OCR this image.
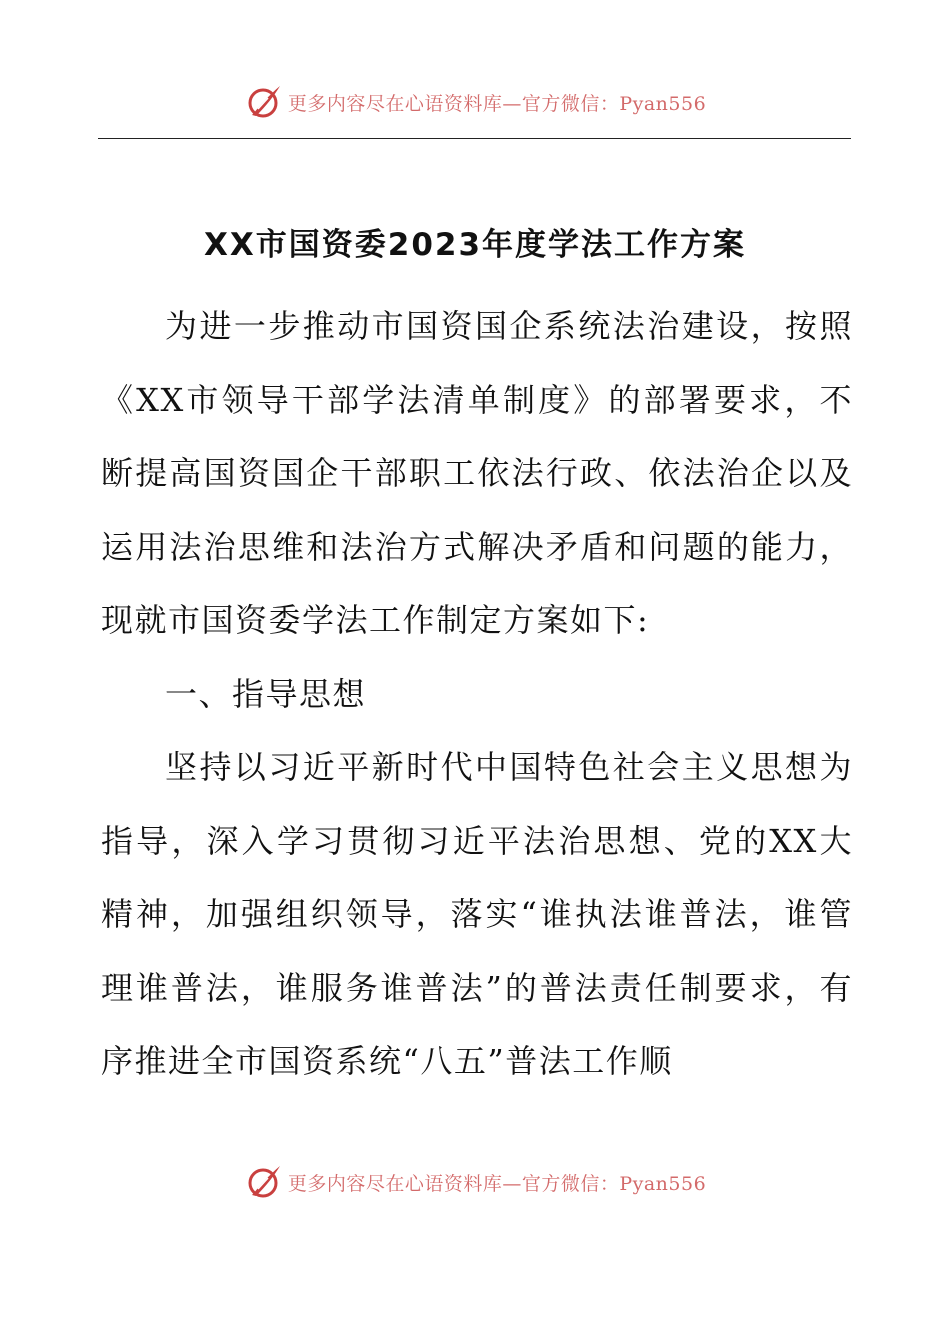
更多内容尽在心语资料库—官方微信：Pyan556
XX市国资委2023年度学法工作方案

为进一步推动市国资国企系统法治建设，按照《XX市领导干部学法清单制度》的部署要求，不断提高国资国企干部职工依法行政、依法治企以及运用法治思维和法治方式解决矛盾和问题的能力，现就市国资委学法工作制定方案如下:

一、指导思想

坚持以习近平新时代中国特色社会主义思想为指导，深入学习贯彻习近平法治思想、党的XX大精神，加强组织领导，落实“谁执法谁普法，谁管理谁普法，谁服务谁普法”的普法责任制要求，有序推进全市国资系统“八五”普法工作顺

更多内容尽在心语资料库—官方微信：Pyan556
